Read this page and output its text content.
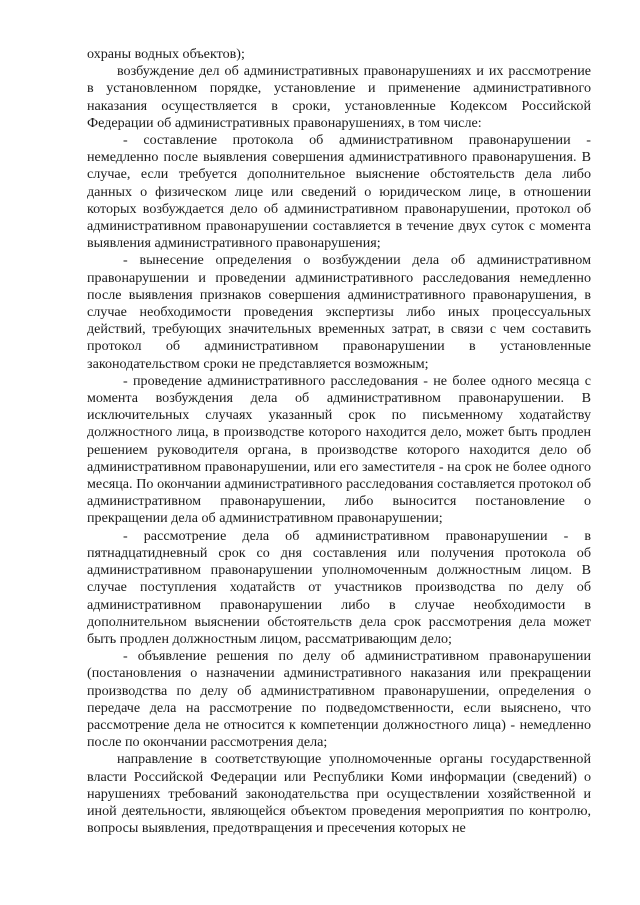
охраны водных объектов);

возбуждение дел об административных правонарушениях и их рассмотрение в установленном порядке, установление и применение административного наказания осуществляется в сроки, установленные Кодексом Российской Федерации об административных правонарушениях, в том числе:

- составление протокола об административном правонарушении - немедленно после выявления совершения административного правонарушения. В случае, если требуется дополнительное выяснение обстоятельств дела либо данных о физическом лице или сведений о юридическом лице, в отношении которых возбуждается дело об административном правонарушении, протокол об административном правонарушении составляется в течение двух суток с момента выявления административного правонарушения;

- вынесение определения о возбуждении дела об административном правонарушении и проведении административного расследования немедленно после выявления признаков совершения административного правонарушения, в случае необходимости проведения экспертизы либо иных процессуальных действий, требующих значительных временных затрат, в связи с чем составить протокол об административном правонарушении в установленные законодательством сроки не представляется возможным;

- проведение административного расследования - не более одного месяца с момента возбуждения дела об административном правонарушении. В исключительных случаях указанный срок по письменному ходатайству должностного лица, в производстве которого находится дело, может быть продлен решением руководителя органа, в производстве которого находится дело об административном правонарушении, или его заместителя - на срок не более одного месяца. По окончании административного расследования составляется протокол об административном правонарушении, либо выносится постановление о прекращении дела об административном правонарушении;

- рассмотрение дела об административном правонарушении - в пятнадцатидневный срок со дня составления или получения протокола об административном правонарушении уполномоченным должностным лицом. В случае поступления ходатайств от участников производства по делу об административном правонарушении либо в случае необходимости в дополнительном выяснении обстоятельств дела срок рассмотрения дела может быть продлен должностным лицом, рассматривающим дело;

- объявление решения по делу об административном правонарушении (постановления о назначении административного наказания или прекращении производства по делу об административном правонарушении, определения о передаче дела на рассмотрение по подведомственности, если выяснено, что рассмотрение дела не относится к компетенции должностного лица) - немедленно после по окончании рассмотрения дела;

направление в соответствующие уполномоченные органы государственной власти Российской Федерации или Республики Коми информации (сведений) о нарушениях требований законодательства при осуществлении хозяйственной и иной деятельности, являющейся объектом проведения мероприятия по контролю, вопросы выявления, предотвращения и пресечения которых не
